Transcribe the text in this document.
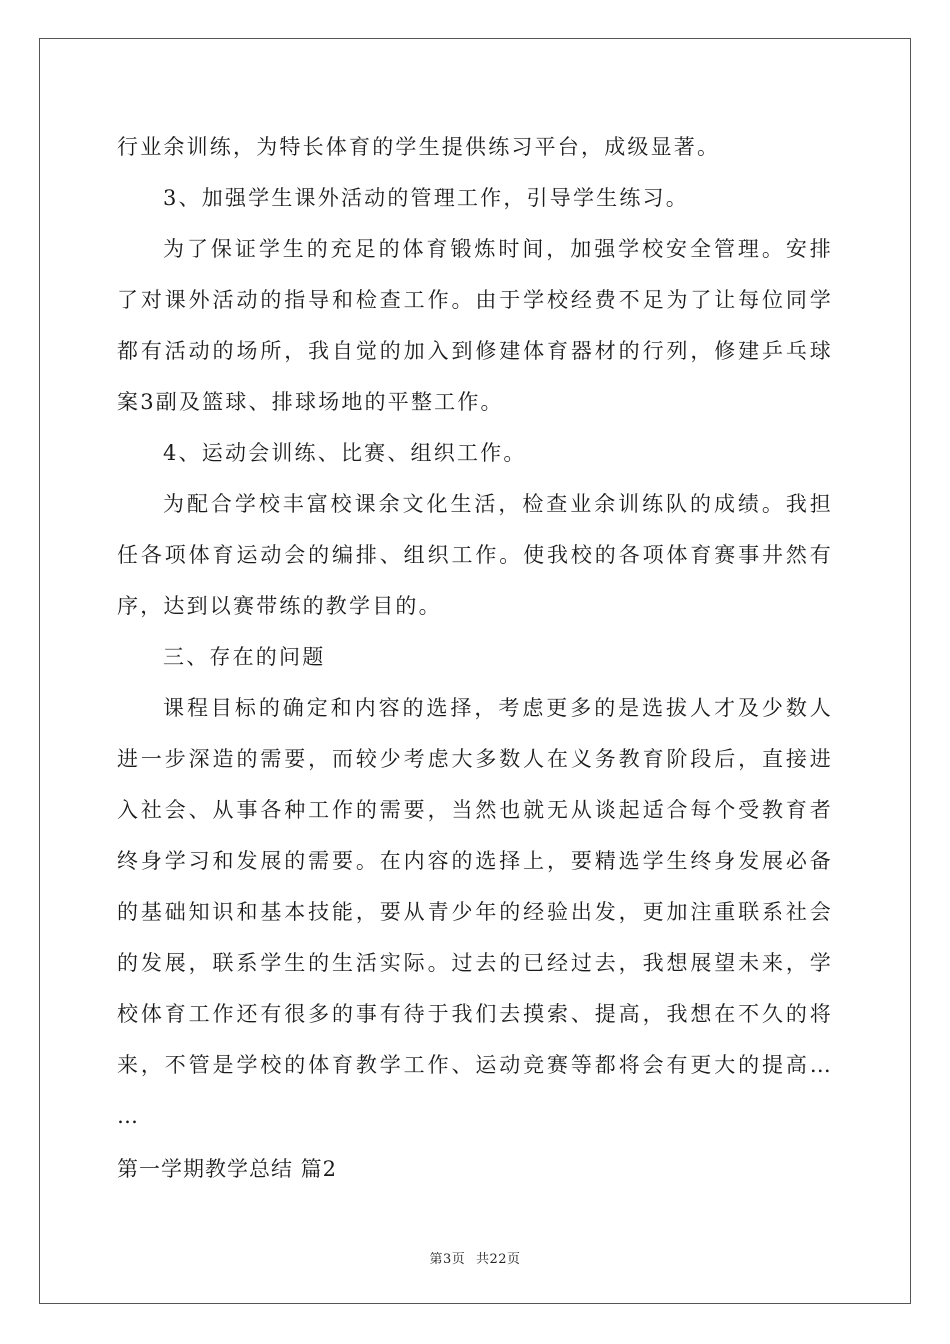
行业余训练，为特长体育的学生提供练习平台，成级显著。
3、加强学生课外活动的管理工作，引导学生练习。
为了保证学生的充足的体育锻炼时间，加强学校安全管理。安排
了对课外活动的指导和检查工作。由于学校经费不足为了让每位同学
都有活动的场所，我自觉的加入到修建体育器材的行列，修建乒乓球
案3副及篮球、排球场地的平整工作。
4、运动会训练、比赛、组织工作。
为配合学校丰富校课余文化生活，检查业余训练队的成绩。我担
任各项体育运动会的编排、组织工作。使我校的各项体育赛事井然有
序，达到以赛带练的教学目的。
三、存在的问题
课程目标的确定和内容的选择，考虑更多的是选拔人才及少数人
进一步深造的需要，而较少考虑大多数人在义务教育阶段后，直接进
入社会、从事各种工作的需要，当然也就无从谈起适合每个受教育者
终身学习和发展的需要。在内容的选择上，要精选学生终身发展必备
的基础知识和基本技能，要从青少年的经验出发，更加注重联系社会
的发展，联系学生的生活实际。过去的已经过去，我想展望未来，学
校体育工作还有很多的事有待于我们去摸索、提高，我想在不久的将
来，不管是学校的体育教学工作、运动竞赛等都将会有更大的提高…
…
第一学期教学总结 篇2
第3页 共22页
